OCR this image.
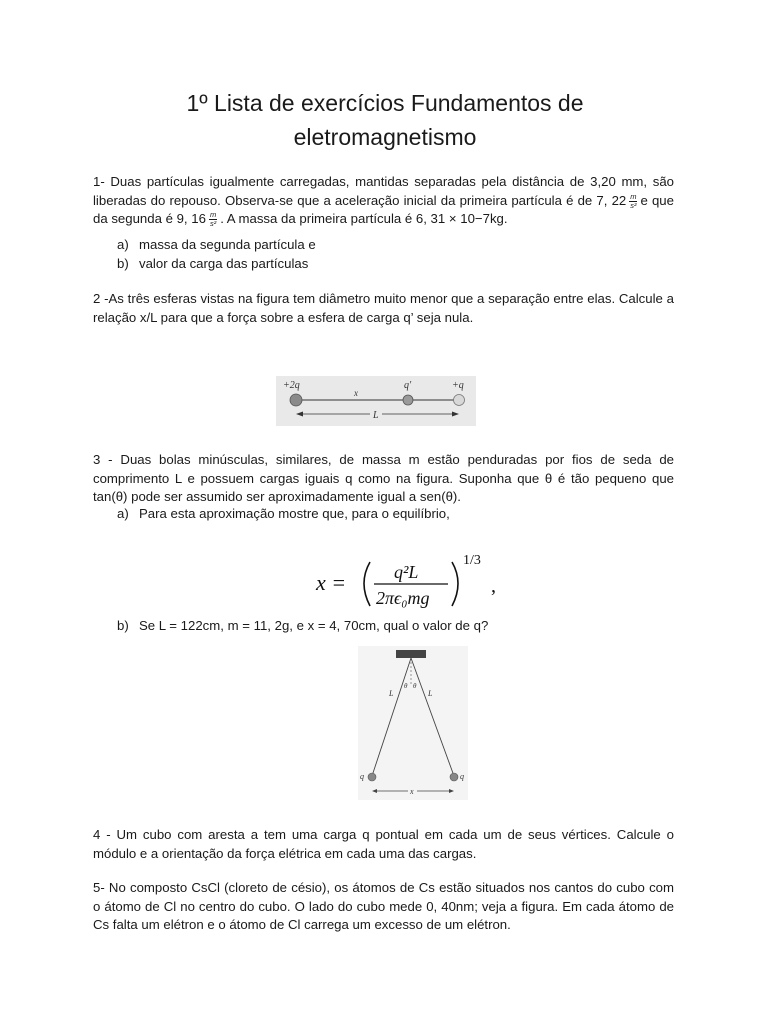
1º Lista de exercícios Fundamentos de
eletromagnetismo
1- Duas partículas igualmente carregadas, mantidas separadas pela distância de 3,20 mm, são liberadas do repouso. Observa-se que a aceleração inicial da primeira partícula é de 7, $22 \frac{m}{\text{s²}}$ e que da segunda é 9, $16 \frac{m}{\text{s²}}$ . A massa da primeira partícula é 6, 31 × 10−7kg.
a) massa da segunda partícula e
b) valor da carga das partículas
2 -As três esferas vistas na figura tem diâmetro muito menor que a separação entre elas. Calcule a relação x/L para que a força sobre a esfera de carga q’ seja nula.
+2q
x
q′	+q
L
3 - Duas bolas minúsculas, similares, de massa m estão penduradas por fios de seda de comprimento L e possuem cargas iguais q como na figura. Suponha que θ é tão pequeno que tan(θ) pode ser assumido ser aproximadamente igual a sen(θ).
a) Para esta aproximação mostre que, para o equilíbrio,
x =	q²L
2πϵ₀mg
1/3
,
b) Se L = 122cm, m = 11, 2g, e x = 4, 70cm, qual o valor de q?
L	L
θ θ
q	q
x
4 - Um cubo com aresta a tem uma carga q pontual em cada um de seus vértices. Calcule o módulo e a orientação da força elétrica em cada uma das cargas.
5- No composto CsCl (cloreto de césio), os átomos de Cs estão situados nos cantos do cubo com o átomo de Cl no centro do cubo. O lado do cubo mede 0, 40nm; veja a figura. Em cada átomo de Cs falta um elétron e o átomo de Cl carrega um excesso de um elétron.
